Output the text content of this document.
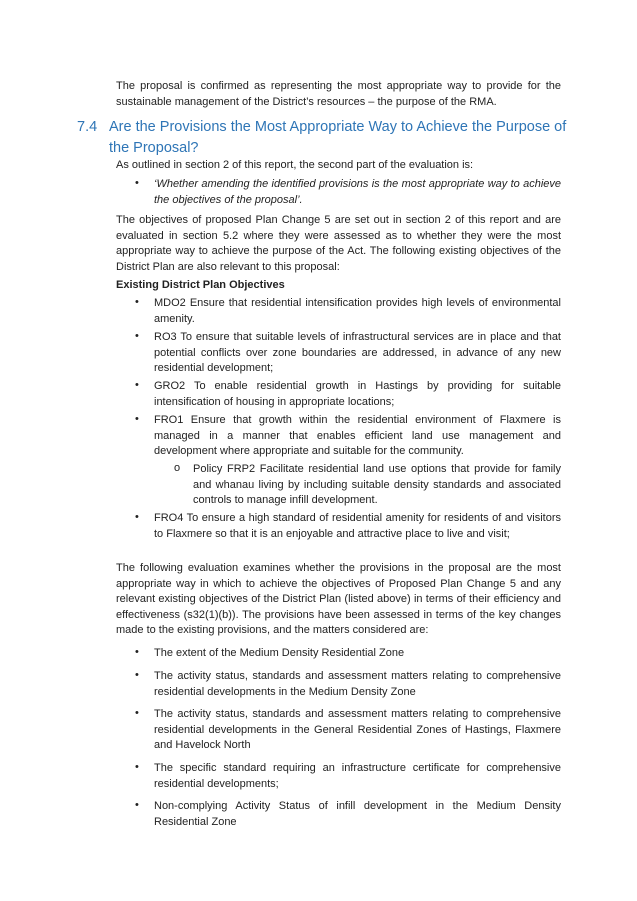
The proposal is confirmed as representing the most appropriate way to provide for the sustainable management of the District’s resources – the purpose of the RMA.
7.4 Are the Provisions the Most Appropriate Way to Achieve the Purpose of the Proposal?
As outlined in section 2 of this report, the second part of the evaluation is:
• ‘Whether amending the identified provisions is the most appropriate way to achieve the objectives of the proposal’.
The objectives of proposed Plan Change 5 are set out in section 2 of this report and are evaluated in section 5.2 where they were assessed as to whether they were the most appropriate way to achieve the purpose of the Act. The following existing objectives of the District Plan are also relevant to this proposal:
Existing District Plan Objectives
• MDO2 Ensure that residential intensification provides high levels of environmental amenity.
• RO3 To ensure that suitable levels of infrastructural services are in place and that potential conflicts over zone boundaries are addressed, in advance of any new residential development;
• GRO2 To enable residential growth in Hastings by providing for suitable intensification of housing in appropriate locations;
• FRO1 Ensure that growth within the residential environment of Flaxmere is managed in a manner that enables efficient land use management and development where appropriate and suitable for the community.
o Policy FRP2 Facilitate residential land use options that provide for family and whanau living by including suitable density standards and associated controls to manage infill development.
• FRO4 To ensure a high standard of residential amenity for residents of and visitors to Flaxmere so that it is an enjoyable and attractive place to live and visit;
The following evaluation examines whether the provisions in the proposal are the most appropriate way in which to achieve the objectives of Proposed Plan Change 5 and any relevant existing objectives of the District Plan (listed above) in terms of their efficiency and effectiveness (s32(1)(b)). The provisions have been assessed in terms of the key changes made to the existing provisions, and the matters considered are:
• The extent of the Medium Density Residential Zone
• The activity status, standards and assessment matters relating to comprehensive residential developments in the Medium Density Zone
• The activity status, standards and assessment matters relating to comprehensive residential developments in the General Residential Zones of Hastings, Flaxmere and Havelock North
• The specific standard requiring an infrastructure certificate for comprehensive residential developments;
• Non-complying Activity Status of infill development in the Medium Density Residential Zone
